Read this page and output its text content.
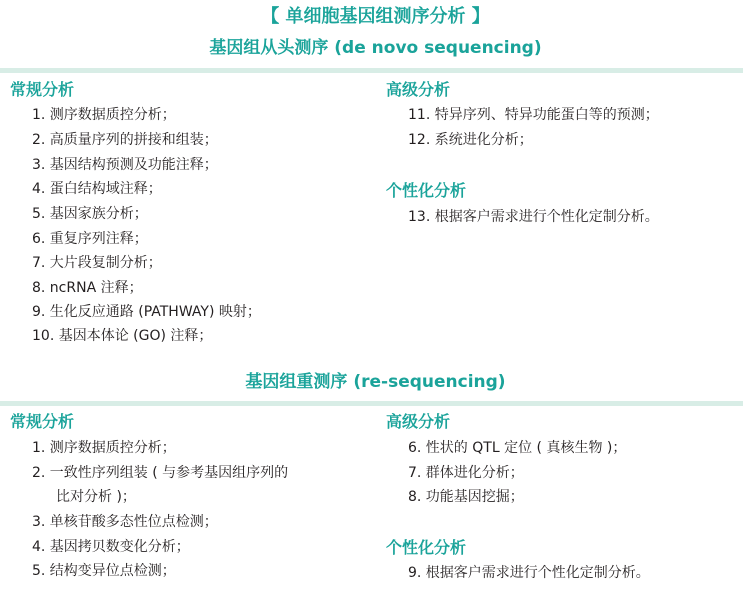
【 单细胞基因组测序分析 】
基因组从头测序 (de novo sequencing)
常规分析
1. 测序数据质控分析；
2. 高质量序列的拼接和组装；
3. 基因结构预测及功能注释；
4. 蛋白结构域注释；
5. 基因家族分析；
6. 重复序列注释；
7. 大片段复制分析；
8. ncRNA 注释；
9. 生化反应通路 (PATHWAY) 映射；
10. 基因本体论 (GO) 注释；
高级分析
11. 特异序列、特异功能蛋白等的预测；
12. 系统进化分析；
个性化分析
13. 根据客户需求进行个性化定制分析。
基因组重测序 (re-sequencing)
常规分析
1. 测序数据质控分析；
2. 一致性序列组装 ( 与参考基因组序列的
比对分析 )；
3. 单核苷酸多态性位点检测；
4. 基因拷贝数变化分析；
5. 结构变异位点检测；
高级分析
6. 性状的 QTL 定位 ( 真核生物 )；
7. 群体进化分析；
8. 功能基因挖掘；
个性化分析
9. 根据客户需求进行个性化定制分析。
